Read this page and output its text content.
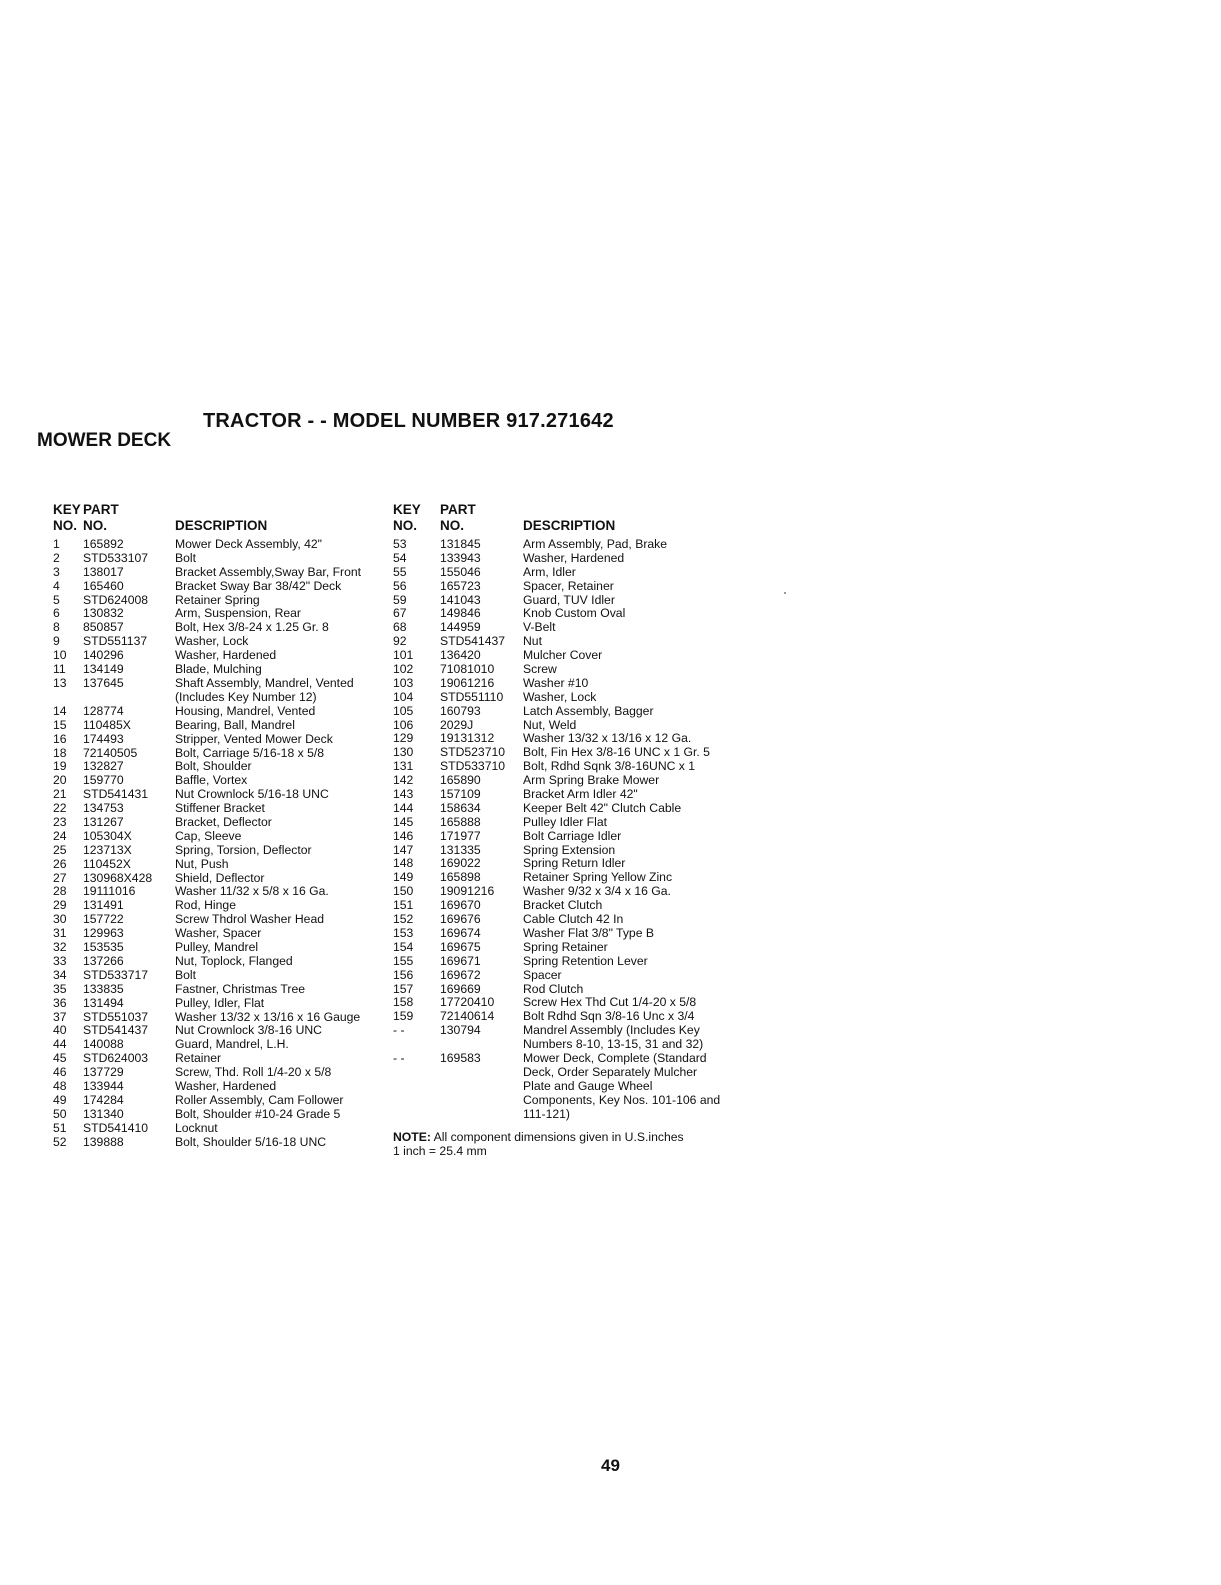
TRACTOR - - MODEL NUMBER 917.271642
MOWER DECK
KEY
NO.
PART
NO.	DESCRIPTION
1 165892	Mower Deck Assembly, 42"
2 STD533107 Bolt
3 138017	Bracket Assembly,Sway Bar, Front
4 165460	Bracket Sway Bar 38/42" Deck
5 STD624008 Retainer Spring
6 130832	Arm, Suspension, Rear
8 850857	Bolt, Hex 3/8-24 x 1.25 Gr. 8
9 STD551137 Washer, Lock
10 140296	Washer, Hardened
11 134149	Blade, Mulching
13 137645	Shaft Assembly, Mandrel, Vented (Includes Key Number 12)
14 128774	Housing, Mandrel, Vented
15 110485X	Bearing, Ball, Mandrel
16 174493	Stripper, Vented Mower Deck
18 72140505	Bolt, Carriage 5/16-18 x 5/8
19 132827	Bolt, Shoulder
20 159770	Baffle, Vortex
21 STD541431 Nut Crownlock 5/16-18 UNC
22 134753	Stiffener Bracket
23 131267	Bracket, Deflector
24 105304X	Cap, Sleeve
25 123713X	Spring, Torsion, Deflector
26 110452X	Nut, Push
27 130968X428 Shield, Deflector
28 19111016	Washer 11/32 x 5/8 x 16 Ga.
29 131491	Rod, Hinge
30 157722	Screw Thdrol Washer Head
31 129963	Washer, Spacer
32 153535	Pulley, Mandrel
33 137266	Nut, Toplock, Flanged
34 STD533717 Bolt
35 133835	Fastner, Christmas Tree
36 131494	Pulley, Idler, Flat
37 STD551037 Washer 13/32 x 13/16 x 16 Gauge
40 STD541437 Nut Crownlock 3/8-16 UNC
44 140088	Guard, Mandrel, L.H.
45 STD624003 Retainer
46 137729	Screw, Thd. Roll 1/4-20 x 5/8
48 133944	Washer, Hardened
49 174284	Roller Assembly, Cam Follower
50 131340	Bolt, Shoulder #10-24 Grade 5
51 STD541410 Locknut
52 139888	Bolt, Shoulder 5/16-18 UNC
KEY
NO.
PART
NO.	DESCRIPTION
53	131845	Arm Assembly, Pad, Brake
54	133943	Washer, Hardened
55	155046	Arm, Idler
56	165723	Spacer, Retainer
59	141043	Guard, TUV Idler
67	149846	Knob Custom Oval
68	144959	V-Belt
92	STD541437 Nut
101 136420	Mulcher Cover
102 71081010 Screw
103 19061216 Washer #10
104 STD551110 Washer, Lock
105 160793	Latch Assembly, Bagger
106 2029J	Nut, Weld
129 19131312 Washer 13/32 x 13/16 x 12 Ga.
130 STD523710 Bolt, Fin Hex 3/8-16 UNC x 1 Gr. 5
131 STD533710 Bolt, Rdhd Sqnk 3/8-16UNC x 1
142 165890	Arm Spring Brake Mower
143 157109	Bracket Arm Idler 42"
144 158634	Keeper Belt 42" Clutch Cable
145 165888	Pulley Idler Flat
146 171977	Bolt Carriage Idler
147 131335	Spring Extension
148 169022	Spring Return Idler
149 165898	Retainer Spring Yellow Zinc
150 19091216 Washer 9/32 x 3/4 x 16 Ga.
151 169670	Bracket Clutch
152 169676	Cable Clutch 42 In
153 169674	Washer Flat 3/8" Type B
154 169675	Spring Retainer
155 169671	Spring Retention Lever
156 169672	Spacer
157 169669	Rod Clutch
158 17720410 Screw Hex Thd Cut 1/4-20 x 5/8
159 72140614 Bolt Rdhd Sqn 3/8-16 Unc x 3/4
- -	130794	Mandrel Assembly (Includes Key Numbers 8-10, 13-15, 31 and 32)
- -	169583	Mower Deck, Complete (Standard Deck, Order Separately Mulcher Plate and Gauge Wheel Components, Key Nos. 101-106 and 111-121)
NOTE: All component dimensions given in U.S.inches
1 inch = 25.4 mm
49
